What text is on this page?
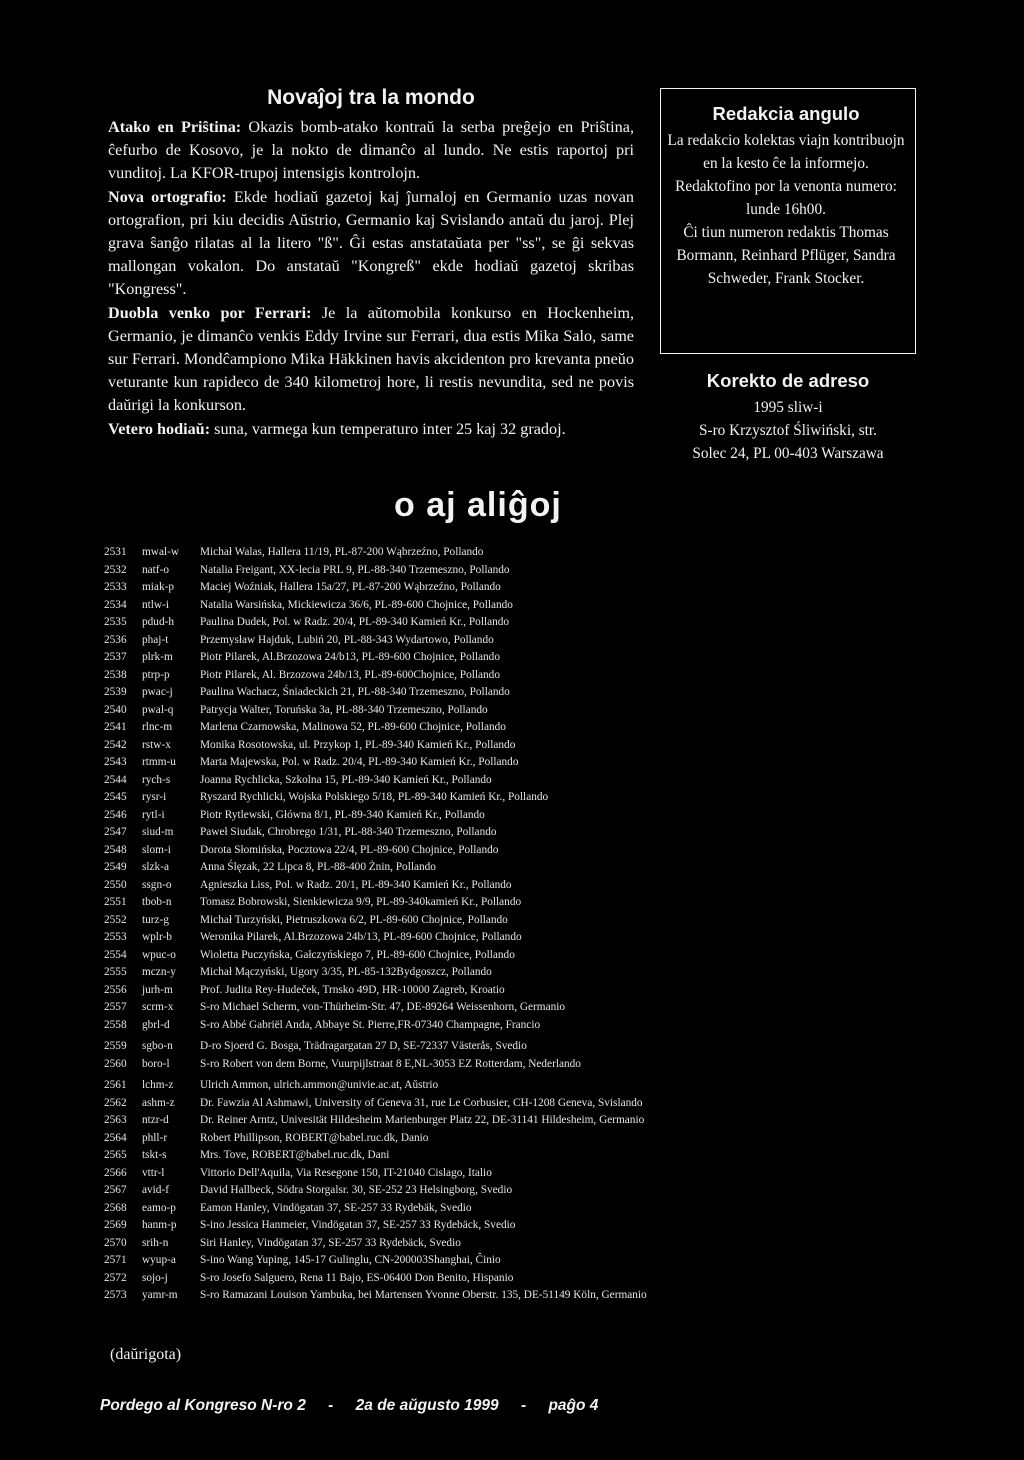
Novaĵoj tra la mondo

Atako en Priŝtina: Okazis bomb-atako kontraŭ la serba preĝejo en Priŝtina, ĉefurbo de Kosovo, je la nokto de dimanĉo al lundo. Ne estis raportoj pri vunditoj. La KFOR-trupoj intensigis kontrolojn.

Nova ortografio: Ekde hodiaŭ gazetoj kaj ĵurnaloj en Germanio uzas novan ortografion, pri kiu decidis Aŭstrio, Germanio kaj Svislando antaŭ du jaroj. Plej grava ŝanĝo rilatas al la litero "ß". Ĝi estas anstataŭata per "ss", se ĝi sekvas mallongan vokalon. Do anstataŭ "Kongreß" ekde hodiaŭ gazetoj skribas "Kongress".

Duobla venko por Ferrari: Je la aŭtomobila konkurso en Hockenheim, Germanio, je dimanĉo venkis Eddy Irvine sur Ferrari, dua estis Mika Salo, same sur Ferrari. Mondĉampiono Mika Häkkinen havis akcidenton pro krevanta pneŭo veturante kun rapideco de 340 kilometroj hore, li restis nevundita, sed ne povis daŭrigi la konkurson.

Vetero hodiaŭ: suna, varmega kun temperaturo inter 25 kaj 32 gradoj.

Redakcia angulo

La redakcio kolektas viajn kontribuojn en la kesto ĉe la informejo.

Redaktofino por la venonta numero: lunde 16h00.

Ĉi tiun numeron redaktis Thomas Bormann, Reinhard Pflüger, Sandra Schweder, Frank Stocker.

Korekto de adreso

1995 sliw-i

S-ro Krzysztof Śliwiński, str.

Solec 24, PL 00-403 Warszawa

o aj aliĝoj
2531	mwal-w	Michał Walas, Hallera 11/19, PL-87-200 Wąbrzeźno, Pollando
2532	natf-o	Natalia Freigant, XX-lecia PRL 9, PL-88-340 Trzemeszno, Pollando
2533	miak-p	Maciej Woźniak, Hallera 15a/27, PL-87-200 Wąbrzeźno, Pollando
2534	ntlw-i	Natalia Warsińska, Mickiewicza 36/6, PL-89-600 Chojnice, Pollando
2535	pdud-h	Paulina Dudek, Pol. w Radz. 20/4, PL-89-340 Kamień Kr., Pollando
2536	phaj-t	Przemysław Hajduk, Lubiń 20, PL-88-343 Wydartowo, Pollando
2537	plrk-m	Piotr Pilarek, Al.Brzozowa 24/b13, PL-89-600 Chojnice, Pollando
2538	ptrp-p	Piotr Pilarek, Al. Brzozowa 24b/13, PL-89-600Chojnice, Pollando
2539	pwac-j	Paulina Wachacz, Śniadeckich 21, PL-88-340 Trzemeszno, Pollando
2540	pwal-q	Patrycja Walter, Toruńska 3a, PL-88-340 Trzemeszno, Pollando
2541	rlnc-m	Marlena Czarnowska, Malinowa 52, PL-89-600 Chojnice, Pollando
2542	rstw-x	Monika Rosotowska, ul. Przykop 1, PL-89-340 Kamień Kr., Pollando
2543	rtmm-u	Marta Majewska, Pol. w Radz. 20/4, PL-89-340 Kamień Kr., Pollando
2544	rych-s	Joanna Rychlicka, Szkolna 15, PL-89-340 Kamień Kr., Pollando
2545	rysr-i	Ryszard Rychlicki, Wojska Polskiego 5/18, PL-89-340 Kamień Kr., Pollando
2546	rytl-i	Piotr Rytlewski, Główna 8/1, PL-89-340 Kamień Kr., Pollando
2547	siud-m	Paweł Siudak, Chrobrego 1/31, PL-88-340 Trzemeszno, Pollando
2548	slom-i	Dorota Słomińska, Pocztowa 22/4, PL-89-600 Chojnice, Pollando
2549	slzk-a	Anna Ślęzak, 22 Lipca 8, PL-88-400 Żnin, Pollando
2550	ssgn-o	Agnieszka Liss, Pol. w Radz. 20/1, PL-89-340 Kamień Kr., Pollando
2551	tbob-n	Tomasz Bobrowski, Sienkiewicza 9/9, PL-89-340kamień Kr., Pollando
2552	turz-g	Michał Turzyński, Pietruszkowa 6/2, PL-89-600 Chojnice, Pollando
2553	wplr-b	Weronika Pilarek, Al.Brzozowa 24b/13, PL-89-600 Chojnice, Pollando
2554	wpuc-o	Wioletta Puczyńska, Gałczyńskiego 7, PL-89-600 Chojnice, Pollando
2555	mczn-y	Michał Mączyński, Ugory 3/35, PL-85-132Bydgoszcz, Pollando
2556	jurh-m	Prof. Judita Rey-Hudeček, Trnsko 49D, HR-10000 Zagreb, Kroatio
2557	scrm-x	S-ro Michael Scherm, von-Thürheim-Str. 47, DE-89264 Weissenhorn, Germanio
2558	gbrl-d	S-ro Abbé Gabriël Anda, Abbaye St. Pierre,FR-07340 Champagne, Francio
2559	sgbo-n	D-ro Sjoerd G. Bosga, Trädragargatan 27 D, SE-72337 Västerås, Svedio
2560	boro-l	S-ro Robert von dem Borne, Vuurpijlstraat 8 E,NL-3053 EZ Rotterdam, Nederlando
2561	lchm-z	Ulrich Ammon, ulrich.ammon@univie.ac.at, Aŭstrio
2562	ashm-z	Dr. Fawzia Al Ashmawi, University of Geneva 31, rue Le Corbusier, CH-1208 Geneva, Svislando
2563	ntzr-d	Dr. Reiner Arntz, Univesität Hildesheim Marienburger Platz 22, DE-31141 Hildesheim, Germanio
2564	phll-r	Robert Phillipson, ROBERT@babel.ruc.dk, Danio
2565	tskt-s	Mrs. Tove, ROBERT@babel.ruc.dk, Dani
2566	vttr-l	Vittorio Dell'Aquila, Via Resegone 150, IT-21040 Cislago, Italio
2567	avid-f	David Hallbeck, Södra Storgalsr. 30, SE-252 23 Helsingborg, Svedio
2568	eamo-p	Eamon Hanley, Vindögatan 37, SE-257 33 Rydebäk, Svedio
2569	hanm-p	S-ino Jessica Hanmeier, Vindögatan 37, SE-257 33 Rydebäck, Svedio
2570	srih-n	Siri Hanley, Vindögatan 37, SE-257 33 Rydebäck, Svedio
2571	wyup-a	S-ino Wang Yuping, 145-17 Gulinglu, CN-200003Shanghai, Ĉinio
2572	sojo-j	S-ro Josefo Salguero, Rena 11 Bajo, ES-06400 Don Benito, Hispanio
2573	yamr-m	S-ro Ramazani Louison Yambuka, bei Martensen Yvonne Oberstr. 135, DE-51149 Köln, Germanio
(daŭrigota)
Pordego al Kongreso N-ro 2 - 2a de aŭgusto 1999 - paĝo 4
